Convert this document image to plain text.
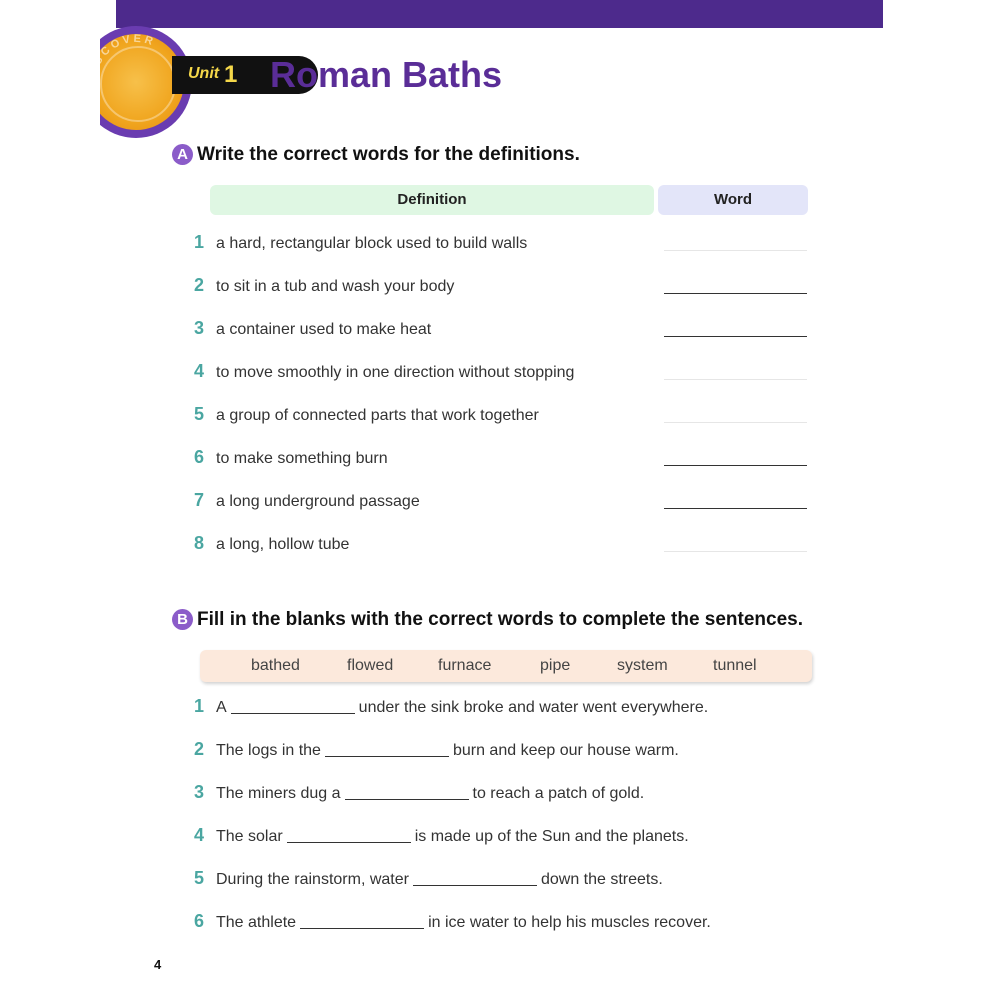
DISCOVER
Unit 1 Roman Baths
A Write the correct words for the definitions.
Definition	Word
1 a hard, rectangular block used to build walls
2 to sit in a tub and wash your body
3 a container used to make heat
4 to move smoothly in one direction without stopping
5 a group of connected parts that work together
6 to make something burn
7 a long underground passage
8 a long, hollow tube
B Fill in the blanks with the correct words to complete the sentences.
bathed	flowed	furnace	pipe	system	tunnel
1 A	under the sink broke and water went everywhere.
2 The logs in the	burn and keep our house warm.
3 The miners dug a	to reach a patch of gold.
4 The solar	is made up of the Sun and the planets.
5 During the rainstorm, water	down the streets.
6 The athlete	in ice water to help his muscles recover.
4
